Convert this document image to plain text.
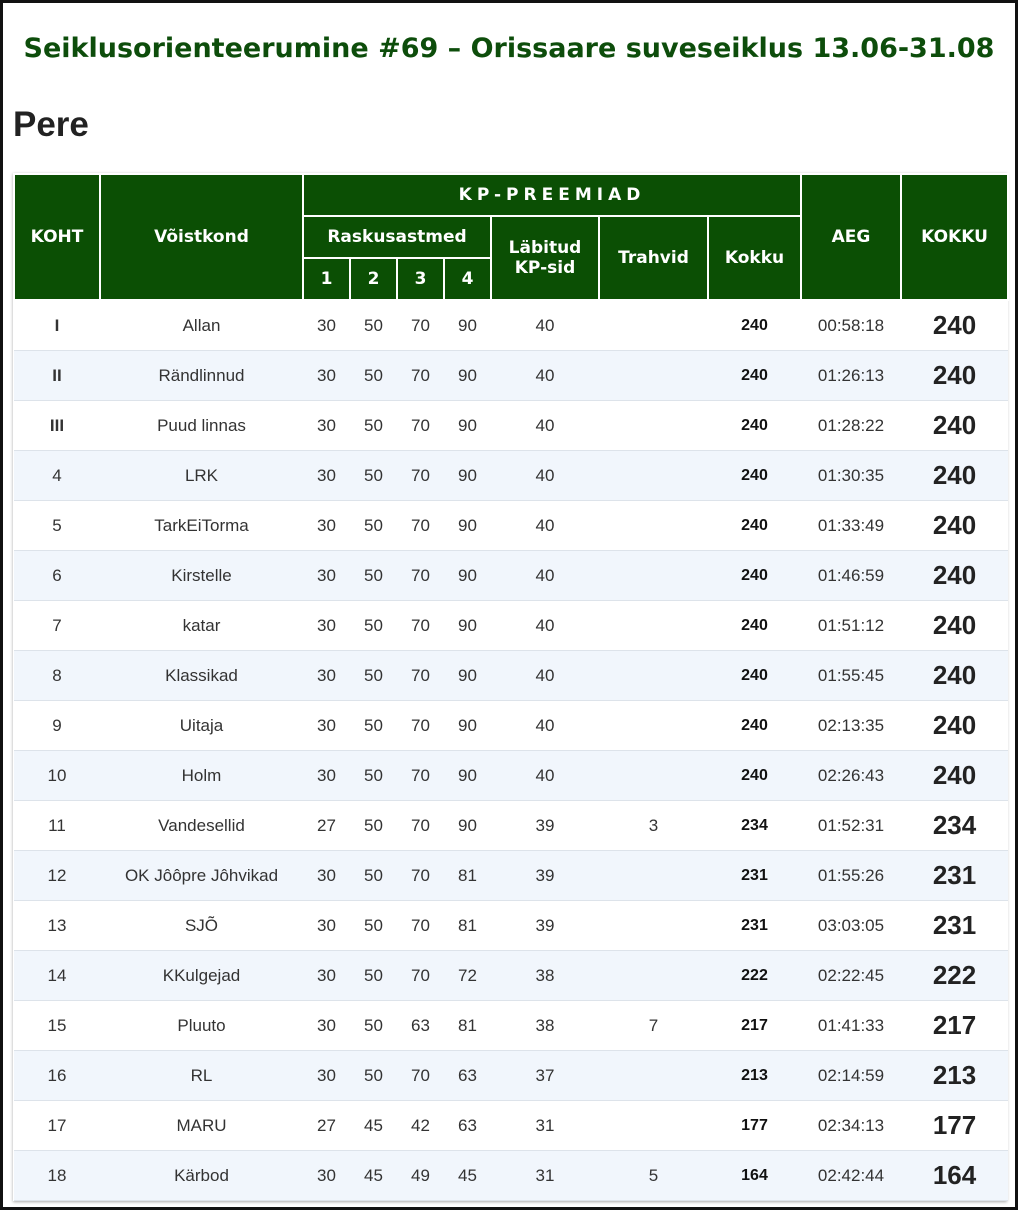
Seiklusorienteerumine #69 – Orissaare suveseiklus 13.06-31.08
Pere
KOHT	Võistkond	KP-PREEMIAD							AEG	KOKKU
		Raskusastmed				Läbitud KP-sid	Trahvid	Kokku		
		1	2	3	4					
I	Allan	30	50	70	90	40		240	00:58:18	240
II	Rändlinnud	30	50	70	90	40		240	01:26:13	240
III	Puud linnas	30	50	70	90	40		240	01:28:22	240
4	LRK	30	50	70	90	40		240	01:30:35	240
5	TarkEiTorma	30	50	70	90	40		240	01:33:49	240
6	Kirstelle	30	50	70	90	40		240	01:46:59	240
7	katar	30	50	70	90	40		240	01:51:12	240
8	Klassikad	30	50	70	90	40		240	01:55:45	240
9	Uitaja	30	50	70	90	40		240	02:13:35	240
10	Holm	30	50	70	90	40		240	02:26:43	240
11	Vandesellid	27	50	70	90	39	3	234	01:52:31	234
12	OK Jôôpre Jôhvikad	30	50	70	81	39		231	01:55:26	231
13	SJÕ	30	50	70	81	39		231	03:03:05	231
14	KKulgejad	30	50	70	72	38		222	02:22:45	222
15	Pluuto	30	50	63	81	38	7	217	01:41:33	217
16	RL	30	50	70	63	37		213	02:14:59	213
17	MARU	27	45	42	63	31		177	02:34:13	177
18	Kärbod	30	45	49	45	31	5	164	02:42:44	164
